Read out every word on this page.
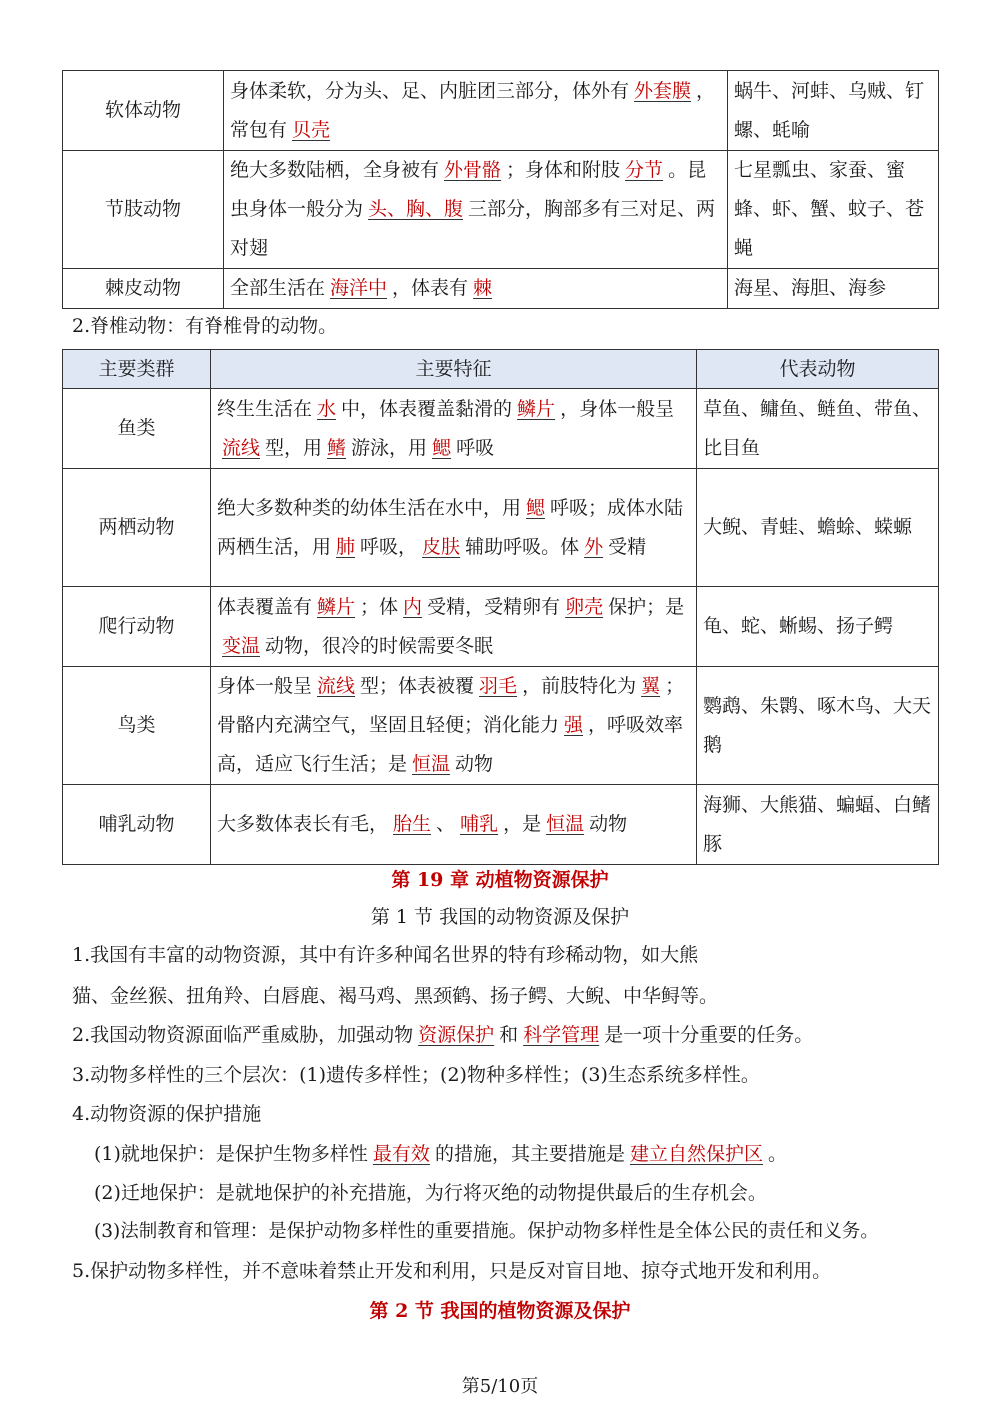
软体动物	身体柔软，分为头、足、内脏团三部分，体外有 外套膜 ，常包有 贝壳	蜗牛、河蚌、乌贼、钉螺、蚝喻
节肢动物	绝大多数陆栖，全身被有 外骨骼 ；身体和附肢 分节 。昆虫身体一般分为 头、胸、腹 三部分，胸部多有三对足、两对翅	七星瓢虫、家蚕、蜜蜂、虾、蟹、蚊子、苍蝇
棘皮动物	全部生活在 海洋中 ，体表有 棘	海星、海胆、海参
2.脊椎动物：有脊椎骨的动物。
主要类群	主要特征	代表动物
鱼类	终生生活在 水 中，体表覆盖黏滑的 鳞片 ，身体一般呈流线 型，用 鳍 游泳，用 鳃 呼吸	草鱼、鳙鱼、鲢鱼、带鱼、比目鱼
两栖动物	绝大多数种类的幼体生活在水中，用 鳃 呼吸；成体水陆两栖生活，用 肺 呼吸， 皮肤 辅助呼吸。体 外 受精	大鲵、青蛙、蟾蜍、蝾螈
爬行动物	体表覆盖有 鳞片 ；体 内 受精，受精卵有 卵壳 保护；是变温 动物，很冷的时候需要冬眠	龟、蛇、蜥蜴、扬子鳄
鸟类	身体一般呈 流线 型；体表被覆 羽毛 ，前肢特化为 翼 ；骨骼内充满空气，坚固且轻便；消化能力 强 ，呼吸效率高，适应飞行生活；是 恒温 动物	鹦鹉、朱鹮、啄木鸟、大天鹅
哺乳动物	大多数体表长有毛， 胎生 、 哺乳 ，是 恒温 动物	海狮、大熊猫、蝙蝠、白鳍豚
第 19 章 动植物资源保护
第 1 节 我国的动物资源及保护
1.我国有丰富的动物资源，其中有许多种闻名世界的特有珍稀动物，如大熊
猫、金丝猴、扭角羚、白唇鹿、褐马鸡、黑颈鹤、扬子鳄、大鲵、中华鲟等。
2.我国动物资源面临严重威胁，加强动物 资源保护 和 科学管理 是一项十分重要的任务。
3.动物多样性的三个层次：(1)遗传多样性；(2)物种多样性；(3)生态系统多样性。
4.动物资源的保护措施
(1)就地保护：是保护生物多样性 最有效 的措施，其主要措施是 建立自然保护区 。
(2)迁地保护：是就地保护的补充措施，为行将灭绝的动物提供最后的生存机会。
(3)法制教育和管理：是保护动物多样性的重要措施。保护动物多样性是全体公民的责任和义务。
5.保护动物多样性，并不意味着禁止开发和利用，只是反对盲目地、掠夺式地开发和利用。
第 2 节 我国的植物资源及保护
第5/10页
